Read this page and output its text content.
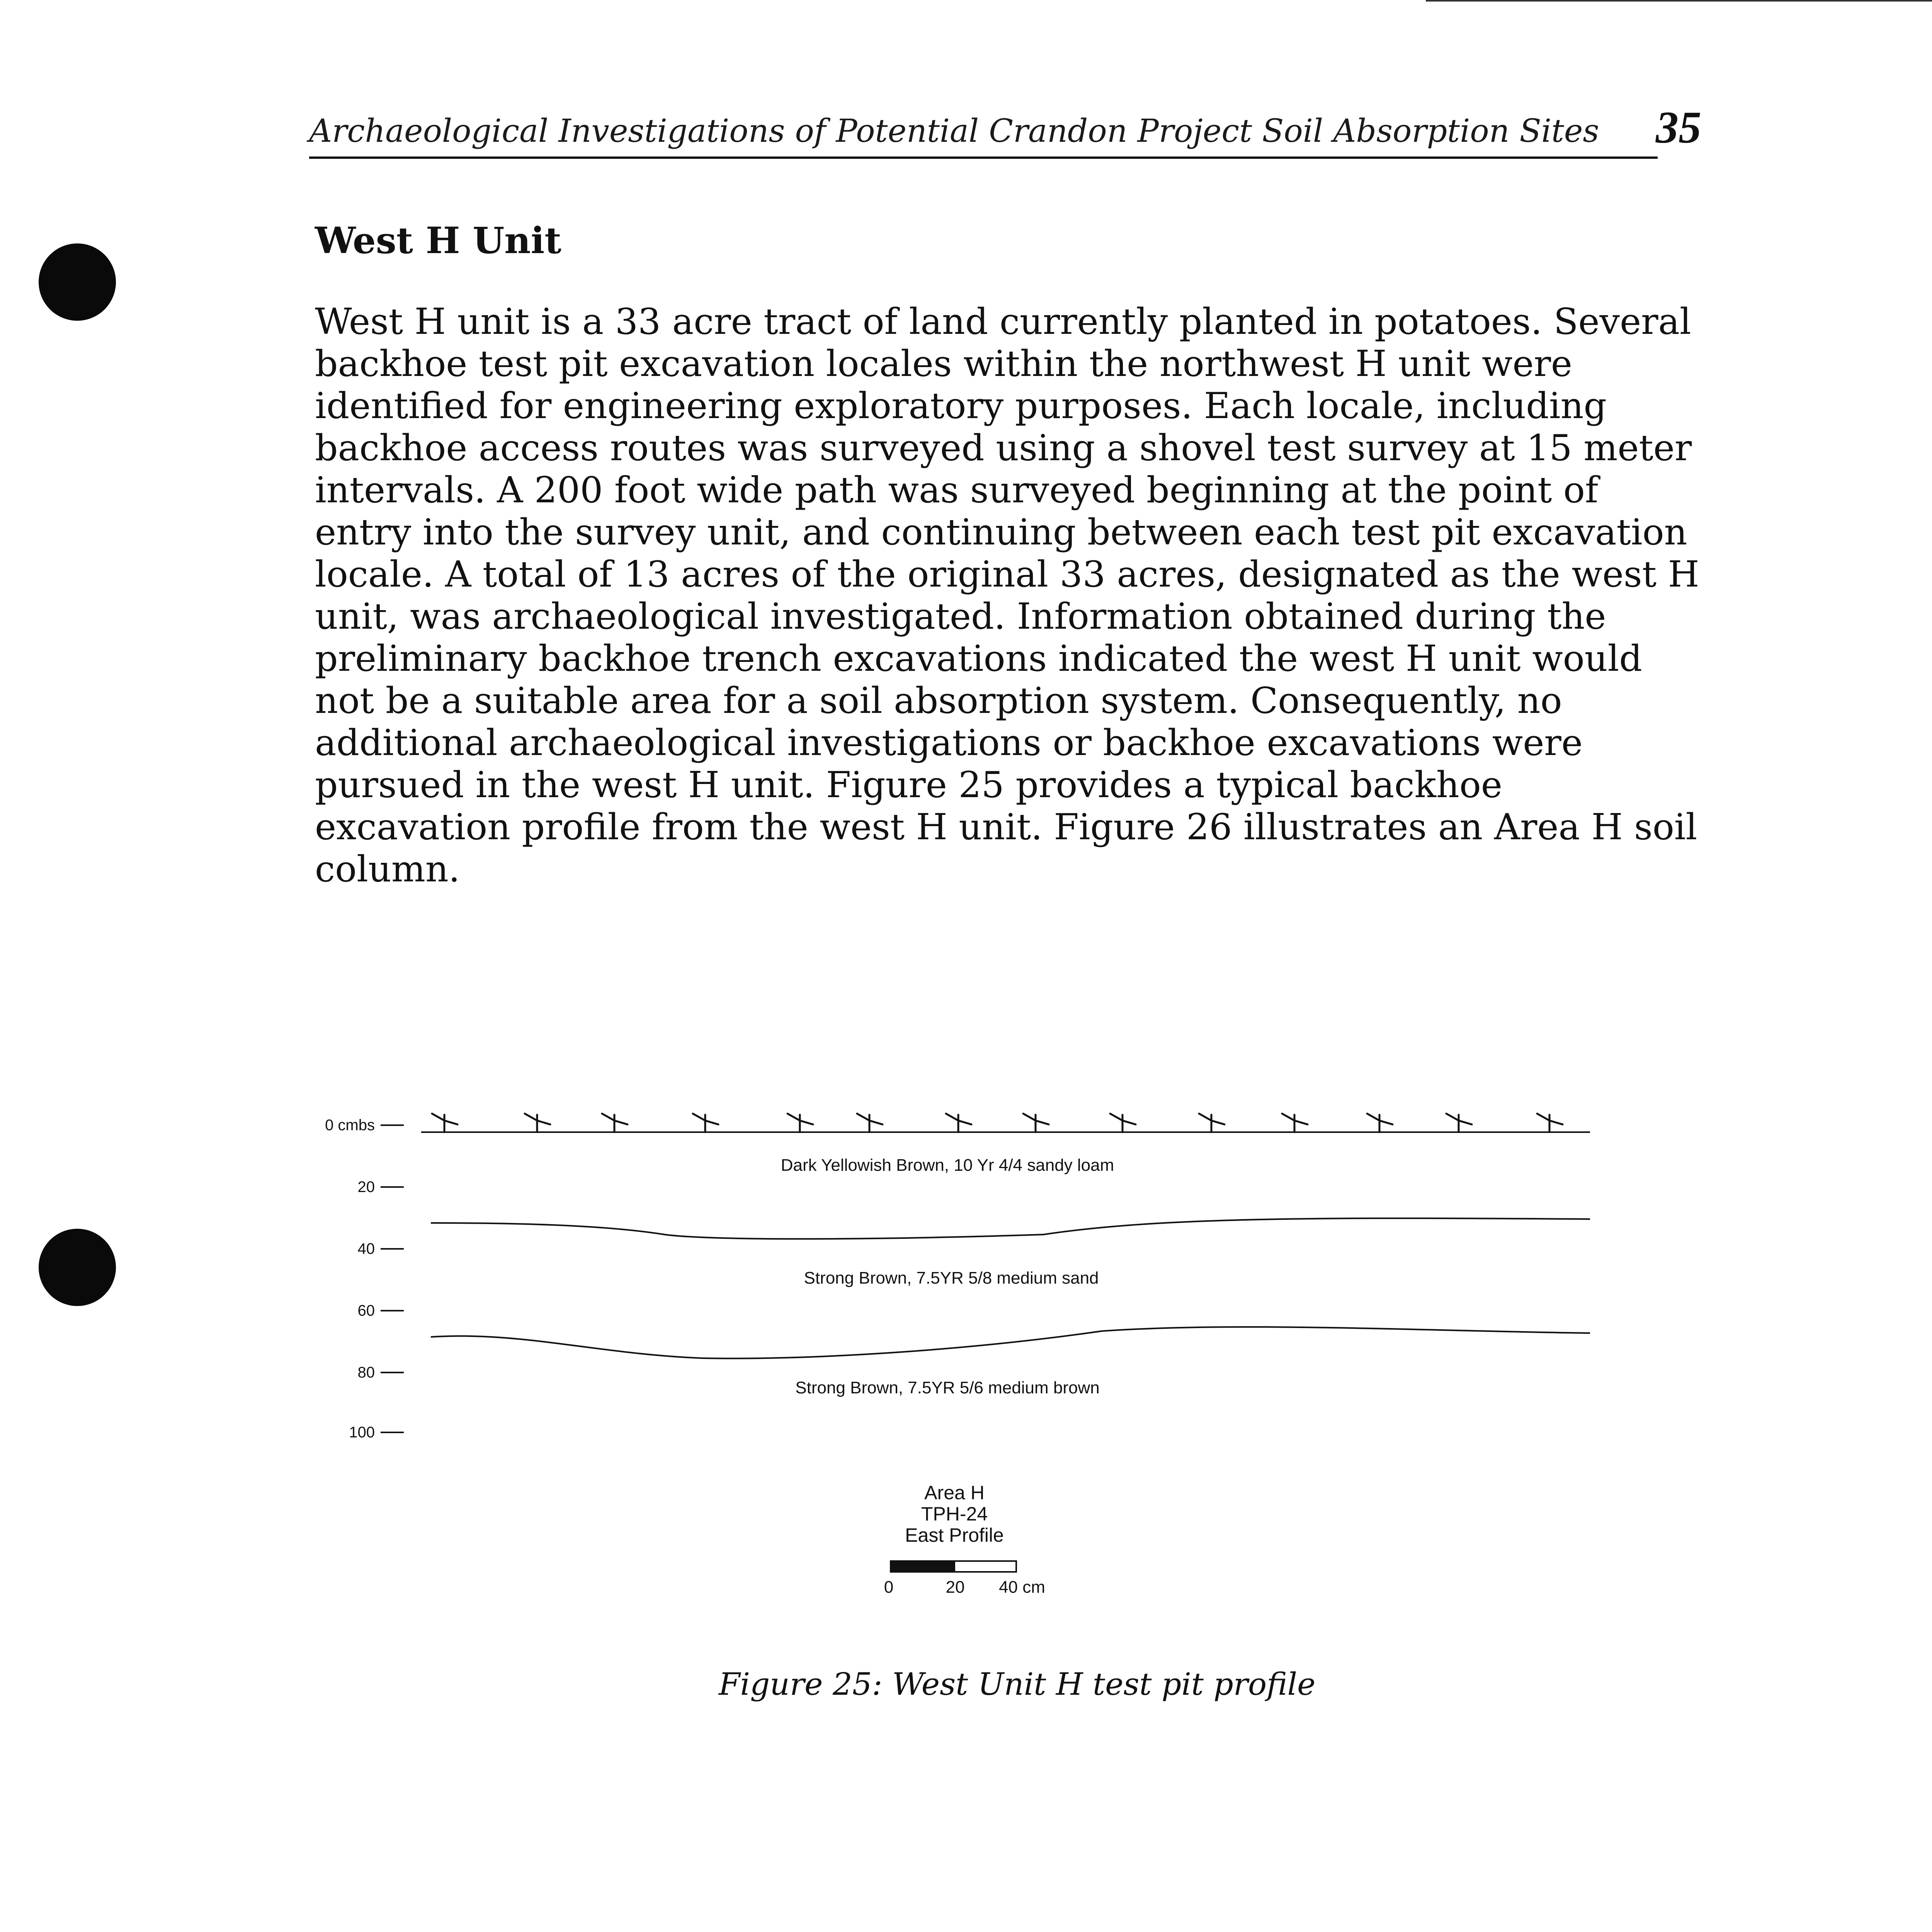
Archaeological Investigations of Potential Crandon Project Soil Absorption Sites 35
West H Unit
West H unit is a 33 acre tract of land currently planted in potatoes. Several
backhoe test pit excavation locales within the northwest H unit were
identified for engineering exploratory purposes. Each locale, including
backhoe access routes was surveyed using a shovel test survey at 15 meter
intervals. A 200 foot wide path was surveyed beginning at the point of
entry into the survey unit, and continuing between each test pit excavation
locale. A total of 13 acres of the original 33 acres, designated as the west H
unit, was archaeological investigated. Information obtained during the
preliminary backhoe trench excavations indicated the west H unit would
not be a suitable area for a soil absorption system. Consequently, no
additional archaeological investigations or backhoe excavations were
pursued in the west H unit. Figure 25 provides a typical backhoe
excavation profile from the west H unit. Figure 26 illustrates an Area H soil
column.
0 cmbs
20
40
60
80
100
Dark Yellowish Brown, 10 Yr 4/4 sandy loam
Strong Brown, 7.5YR 5/8 medium sand
Strong Brown, 7.5YR 5/6 medium brown
Area H
TPH-24
East Profile
0	20 40 cm
Figure 25: West Unit H test pit profile
